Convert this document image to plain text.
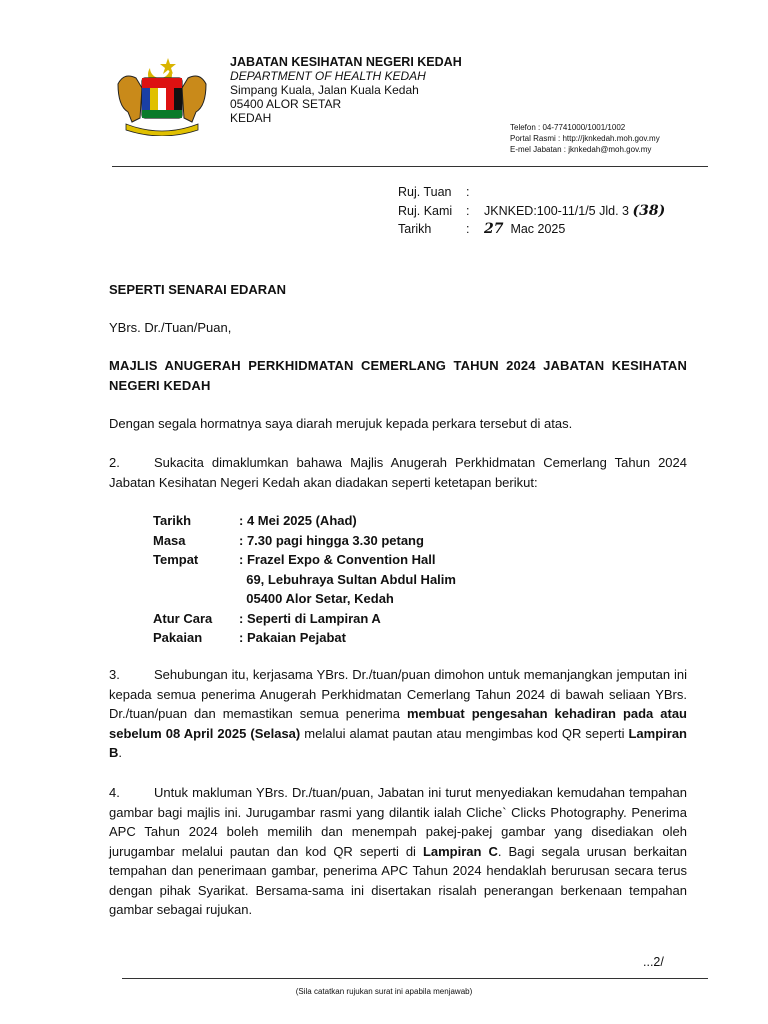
JABATAN KESIHATAN NEGERI KEDAH
DEPARTMENT OF HEALTH KEDAH
Simpang Kuala, Jalan Kuala Kedah
05400 ALOR SETAR
KEDAH
Telefon : 04-7741000/1001/1002
Portal Rasmi : http://jknkedah.moh.gov.my
E-mel Jabatan : jknkedah@moh.gov.my
Ruj. Tuan	:
Ruj. Kami	:	JKNKED:100-11/1/5 Jld. 3 (38)
Tarikh	:	27 Mac 2025
SEPERTI SENARAI EDARAN
YBrs. Dr./Tuan/Puan,
MAJLIS ANUGERAH PERKHIDMATAN CEMERLANG TAHUN 2024 JABATAN KESIHATAN NEGERI KEDAH
Dengan segala hormatnya saya diarah merujuk kepada perkara tersebut di atas.
2.	Sukacita dimaklumkan bahawa Majlis Anugerah Perkhidmatan Cemerlang Tahun 2024 Jabatan Kesihatan Negeri Kedah akan diadakan seperti ketetapan berikut:
Tarikh	: 4 Mei 2025 (Ahad)
Masa	: 7.30 pagi hingga 3.30 petang
Tempat	: Frazel Expo & Convention Hall
69, Lebuhraya Sultan Abdul Halim
05400 Alor Setar, Kedah
Atur Cara	: Seperti di Lampiran A
Pakaian	: Pakaian Pejabat
3.	Sehubungan itu, kerjasama YBrs. Dr./tuan/puan dimohon untuk memanjangkan jemputan ini kepada semua penerima Anugerah Perkhidmatan Cemerlang Tahun 2024 di bawah seliaan YBrs. Dr./tuan/puan dan memastikan semua penerima membuat pengesahan kehadiran pada atau sebelum 08 April 2025 (Selasa) melalui alamat pautan atau mengimbas kod QR seperti Lampiran B.
4.	Untuk makluman YBrs. Dr./tuan/puan, Jabatan ini turut menyediakan kemudahan tempahan gambar bagi majlis ini. Jurugambar rasmi yang dilantik ialah Cliche` Clicks Photography. Penerima APC Tahun 2024 boleh memilih dan menempah pakej-pakej gambar yang disediakan oleh jurugambar melalui pautan dan kod QR seperti di Lampiran C. Bagi segala urusan berkaitan tempahan dan penerimaan gambar, penerima APC Tahun 2024 hendaklah berurusan secara terus dengan pihak Syarikat. Bersama-sama ini disertakan risalah penerangan berkenaan tempahan gambar sebagai rujukan.
...2/
(Sila catatkan rujukan surat ini apabila menjawab)
